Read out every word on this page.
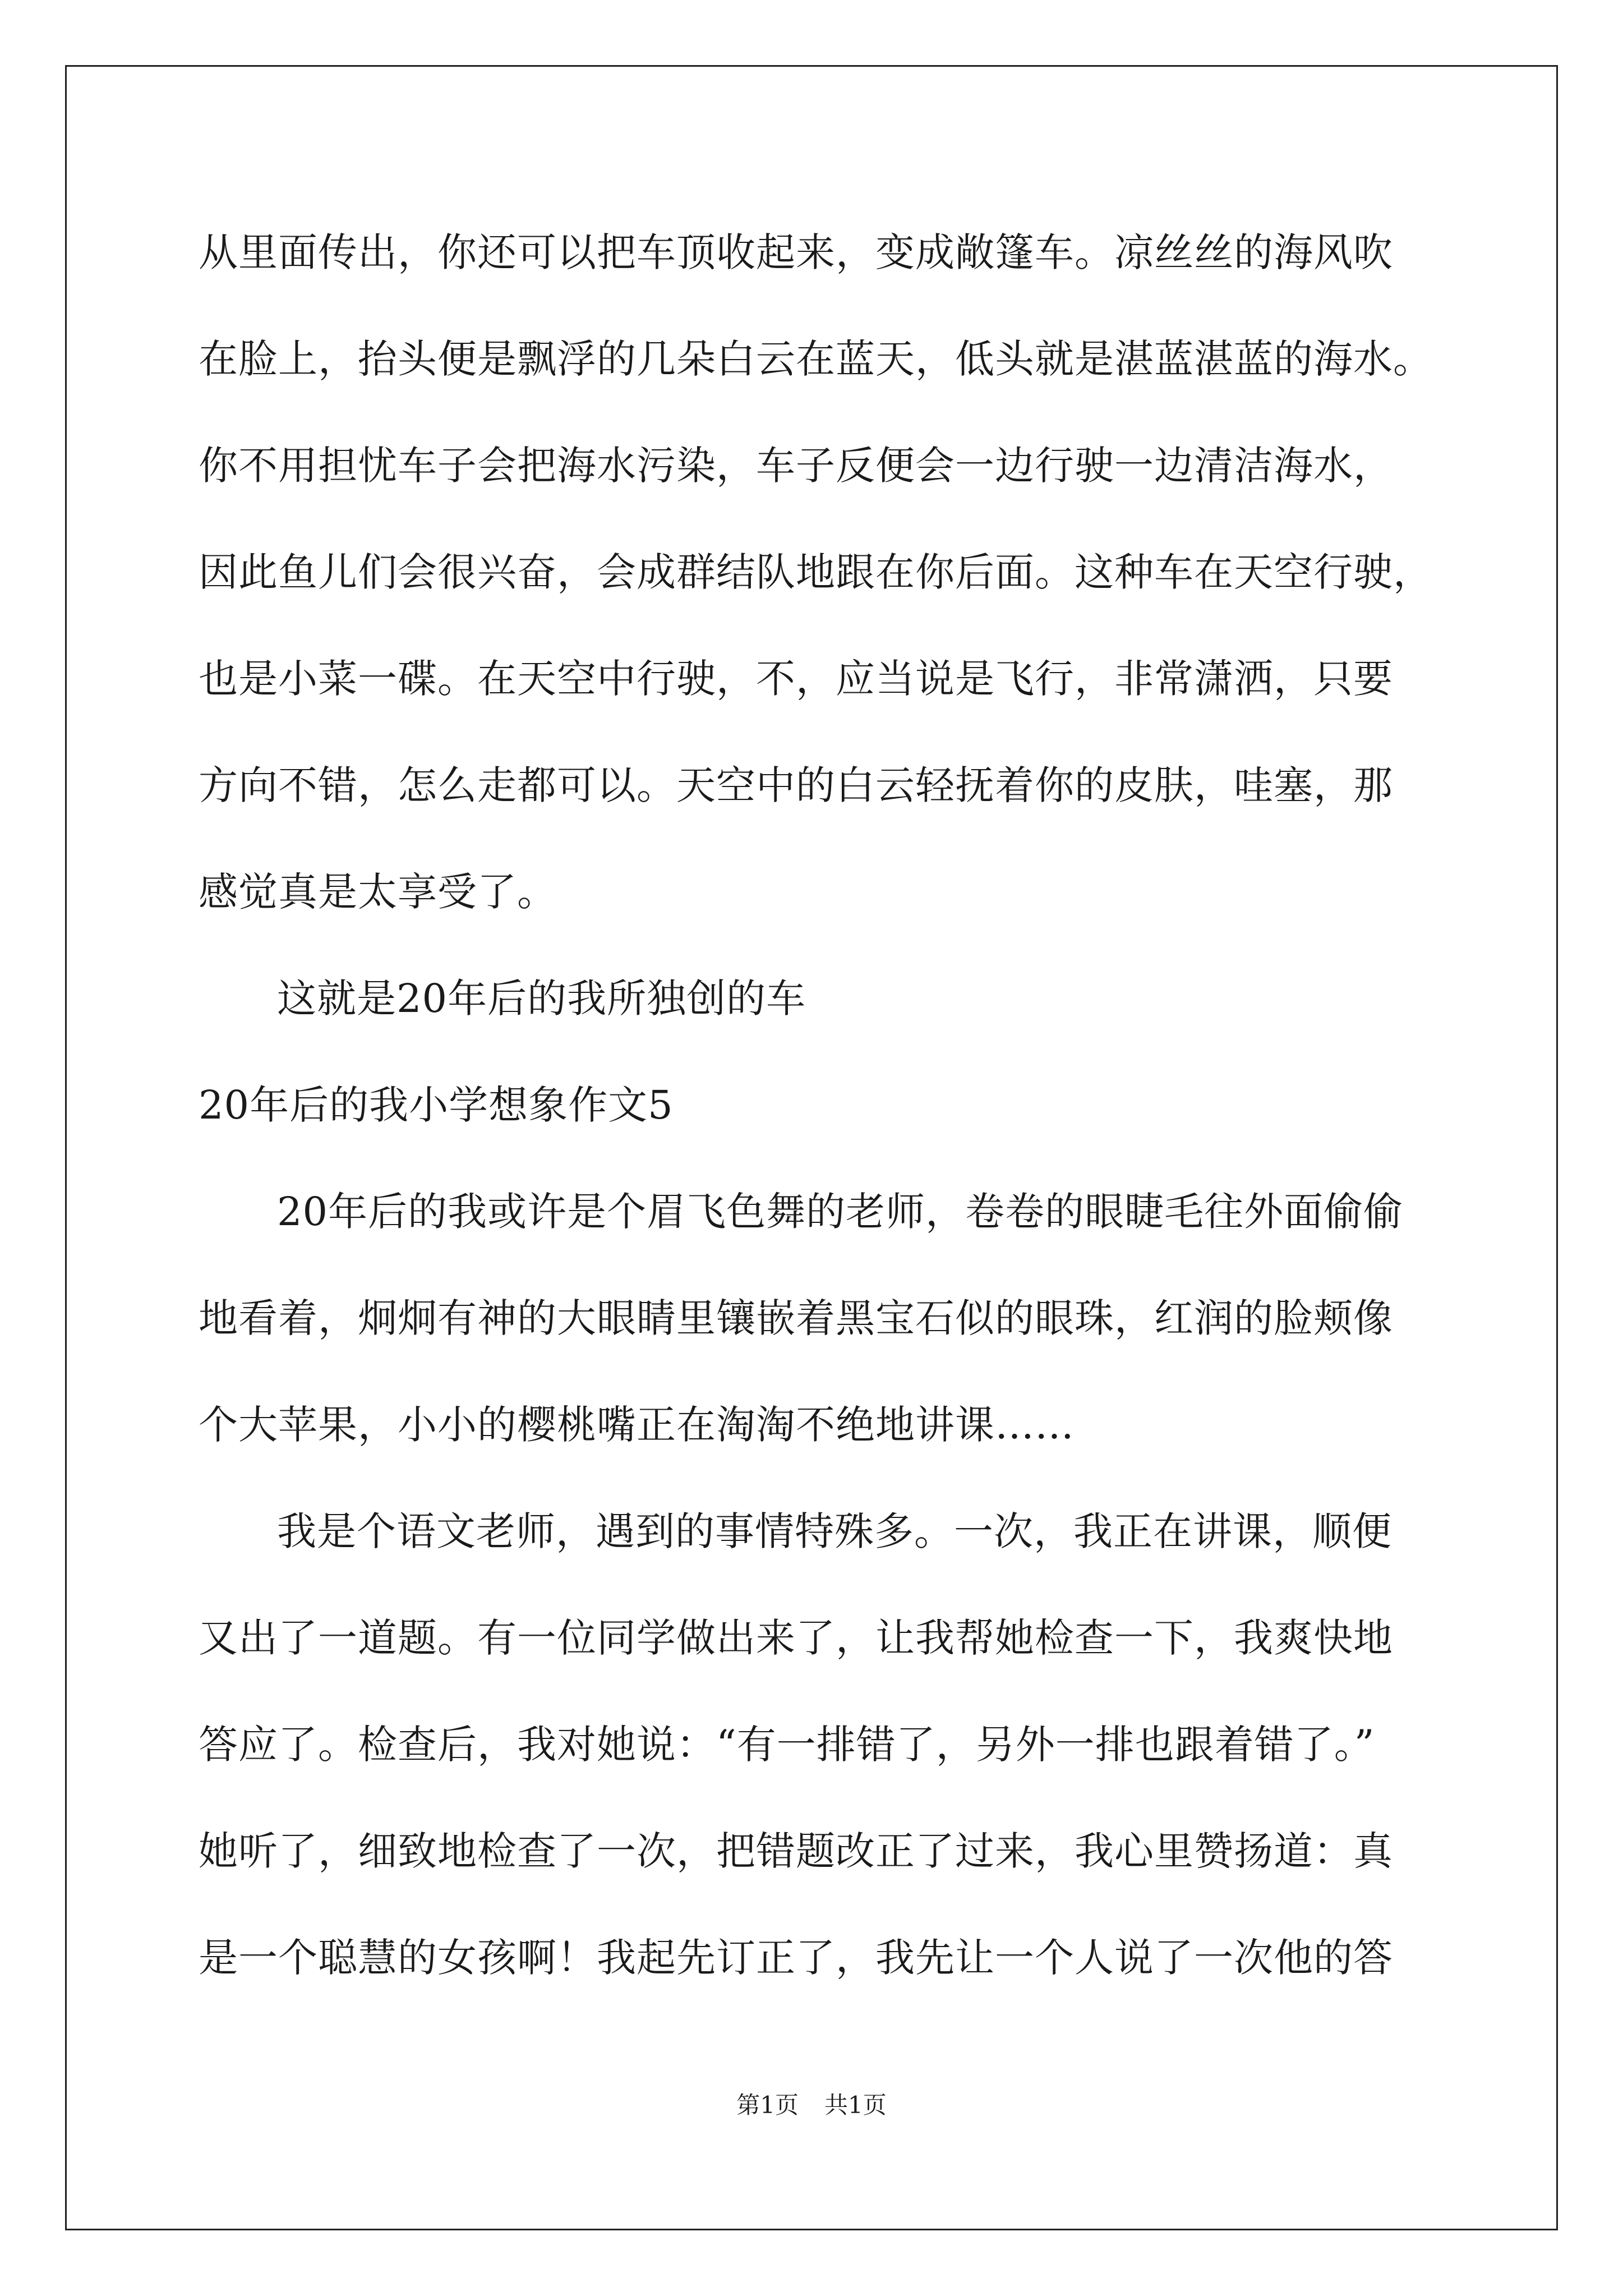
从里面传出，你还可以把车顶收起来，变成敞篷车。凉丝丝的海风吹
在脸上，抬头便是飘浮的几朵白云在蓝天，低头就是湛蓝湛蓝的海水。
你不用担忧车子会把海水污染，车子反便会一边行驶一边清洁海水，
因此鱼儿们会很兴奋，会成群结队地跟在你后面。这种车在天空行驶，
也是小菜一碟。在天空中行驶，不，应当说是飞行，非常潇洒，只要
方向不错，怎么走都可以。天空中的白云轻抚着你的皮肤，哇塞，那
感觉真是太享受了。
这就是20年后的我所独创的车
20年后的我小学想象作文5
20年后的我或许是个眉飞色舞的老师，卷卷的眼睫毛往外面偷偷
地看着，炯炯有神的大眼睛里镶嵌着黑宝石似的眼珠，红润的脸颊像
个大苹果，小小的樱桃嘴正在淘淘不绝地讲课……
我是个语文老师，遇到的事情特殊多。一次，我正在讲课，顺便
又出了一道题。有一位同学做出来了，让我帮她检查一下，我爽快地
答应了。检查后，我对她说：“有一排错了，另外一排也跟着错了。”
她听了，细致地检查了一次，把错题改正了过来，我心里赞扬道：真
是一个聪慧的女孩啊！我起先订正了，我先让一个人说了一次他的答
第1页 共1页
